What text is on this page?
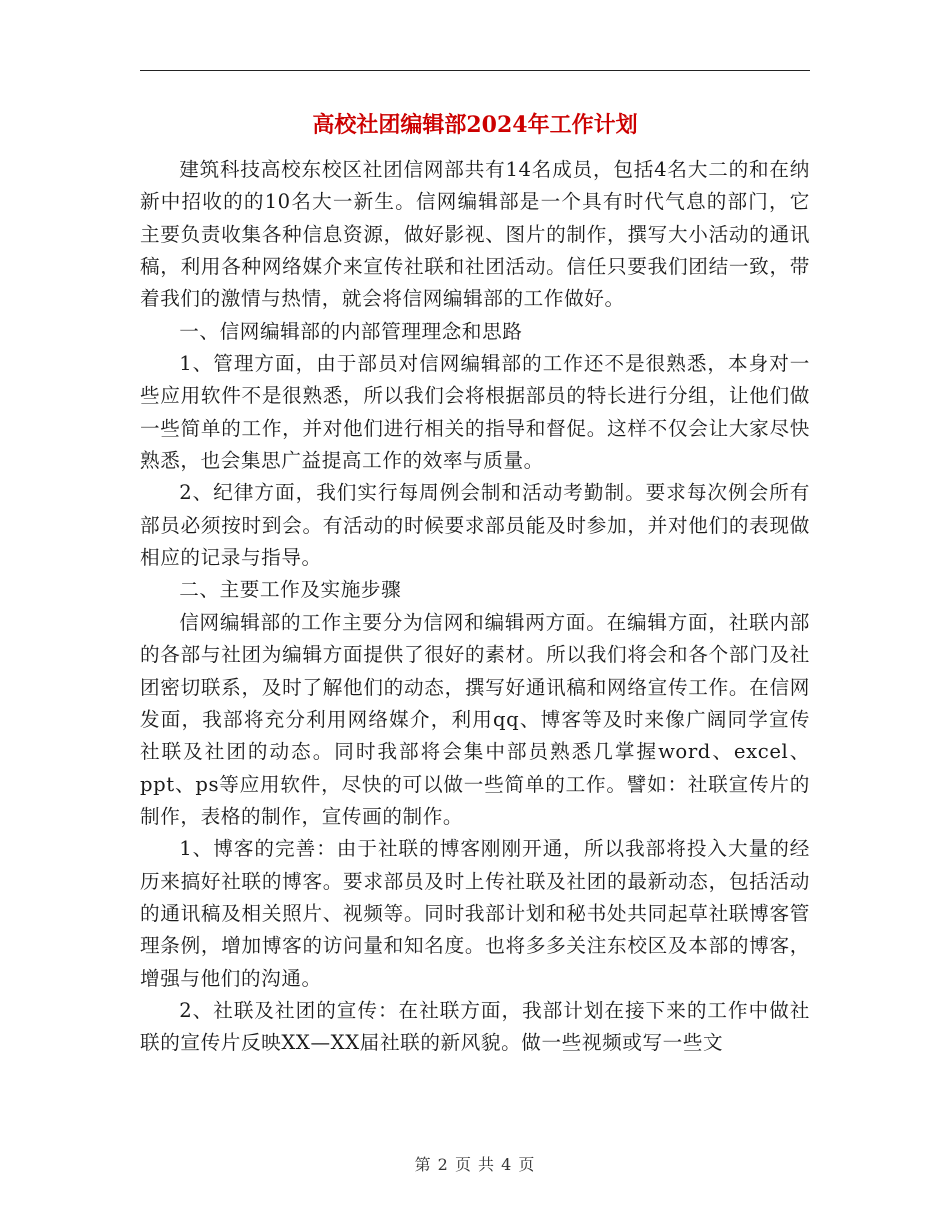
高校社团编辑部2024年工作计划

建筑科技高校东校区社团信网部共有14名成员，包括4名大二的和在纳新中招收的的10名大一新生。信网编辑部是一个具有时代气息的部门，它主要负责收集各种信息资源，做好影视、图片的制作，撰写大小活动的通讯稿，利用各种网络媒介来宣传社联和社团活动。信任只要我们团结一致，带着我们的激情与热情，就会将信网编辑部的工作做好。

一、信网编辑部的内部管理理念和思路

1、管理方面，由于部员对信网编辑部的工作还不是很熟悉，本身对一些应用软件不是很熟悉，所以我们会将根据部员的特长进行分组，让他们做一些简单的工作，并对他们进行相关的指导和督促。这样不仅会让大家尽快熟悉，也会集思广益提高工作的效率与质量。

2、纪律方面，我们实行每周例会制和活动考勤制。要求每次例会所有部员必须按时到会。有活动的时候要求部员能及时参加，并对他们的表现做相应的记录与指导。

二、主要工作及实施步骤

信网编辑部的工作主要分为信网和编辑两方面。在编辑方面，社联内部的各部与社团为编辑方面提供了很好的素材。所以我们将会和各个部门及社团密切联系，及时了解他们的动态，撰写好通讯稿和网络宣传工作。在信网发面，我部将充分利用网络媒介，利用qq、博客等及时来像广阔同学宣传社联及社团的动态。同时我部将会集中部员熟悉几掌握word、excel、ppt、ps等应用软件，尽快的可以做一些简单的工作。譬如：社联宣传片的制作，表格的制作，宣传画的制作。

1、博客的完善：由于社联的博客刚刚开通，所以我部将投入大量的经历来搞好社联的博客。要求部员及时上传社联及社团的最新动态，包括活动的通讯稿及相关照片、视频等。同时我部计划和秘书处共同起草社联博客管理条例，增加博客的访问量和知名度。也将多多关注东校区及本部的博客，增强与他们的沟通。

2、社联及社团的宣传：在社联方面，我部计划在接下来的工作中做社联的宣传片反映XX—XX届社联的新风貌。做一些视频或写一些文

第 2 页 共 4 页
